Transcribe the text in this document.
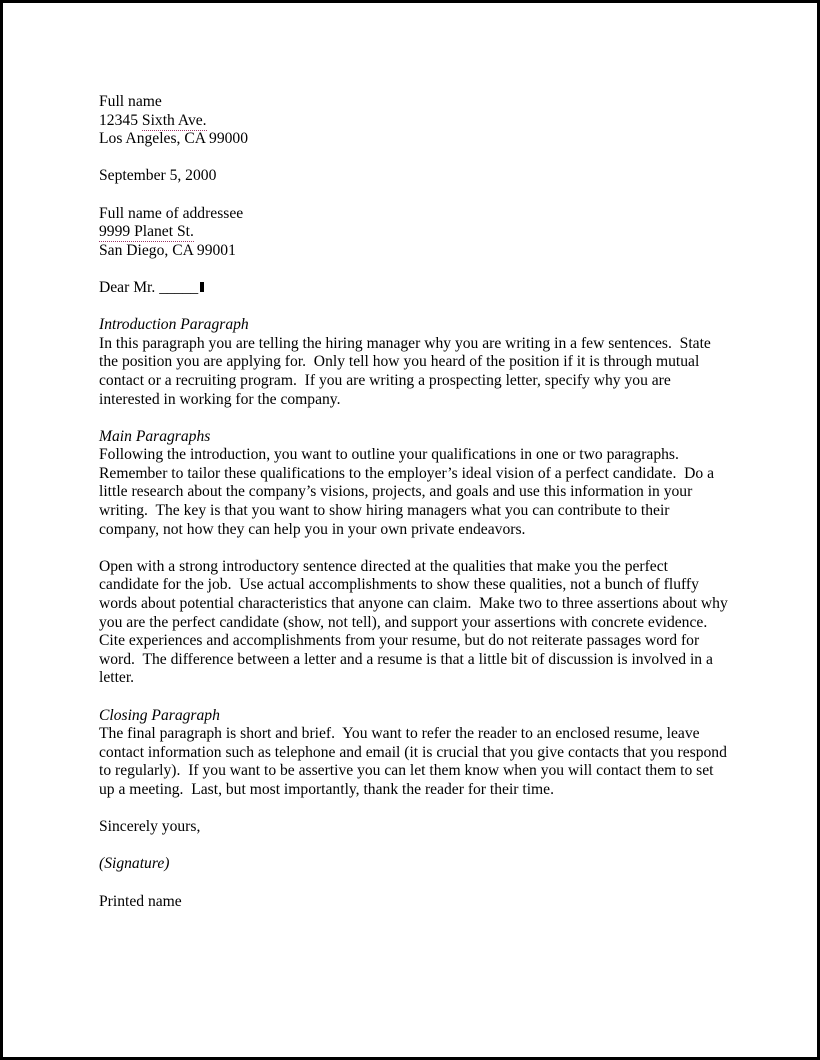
Full name
12345 Sixth Ave.
Los Angeles, CA 99000
September 5, 2000
Full name of addressee
9999 Planet St.
San Diego, CA 99001
Dear Mr. _____
Introduction Paragraph
In this paragraph you are telling the hiring manager why you are writing in a few sentences.  State the position you are applying for.  Only tell how you heard of the position if it is through mutual contact or a recruiting program.  If you are writing a prospecting letter, specify why you are interested in working for the company.
Main Paragraphs
Following the introduction, you want to outline your qualifications in one or two paragraphs.  Remember to tailor these qualifications to the employer’s ideal vision of a perfect candidate.  Do a little research about the company’s visions, projects, and goals and use this information in your writing.  The key is that you want to show hiring managers what you can contribute to their company, not how they can help you in your own private endeavors.
Open with a strong introductory sentence directed at the qualities that make you the perfect candidate for the job.  Use actual accomplishments to show these qualities, not a bunch of fluffy words about potential characteristics that anyone can claim.  Make two to three assertions about why you are the perfect candidate (show, not tell), and support your assertions with concrete evidence.  Cite experiences and accomplishments from your resume, but do not reiterate passages word for word.  The difference between a letter and a resume is that a little bit of discussion is involved in a letter.
Closing Paragraph
The final paragraph is short and brief.  You want to refer the reader to an enclosed resume, leave contact information such as telephone and email (it is crucial that you give contacts that you respond to regularly).  If you want to be assertive you can let them know when you will contact them to set up a meeting.  Last, but most importantly, thank the reader for their time.
Sincerely yours,
(Signature)
Printed name
